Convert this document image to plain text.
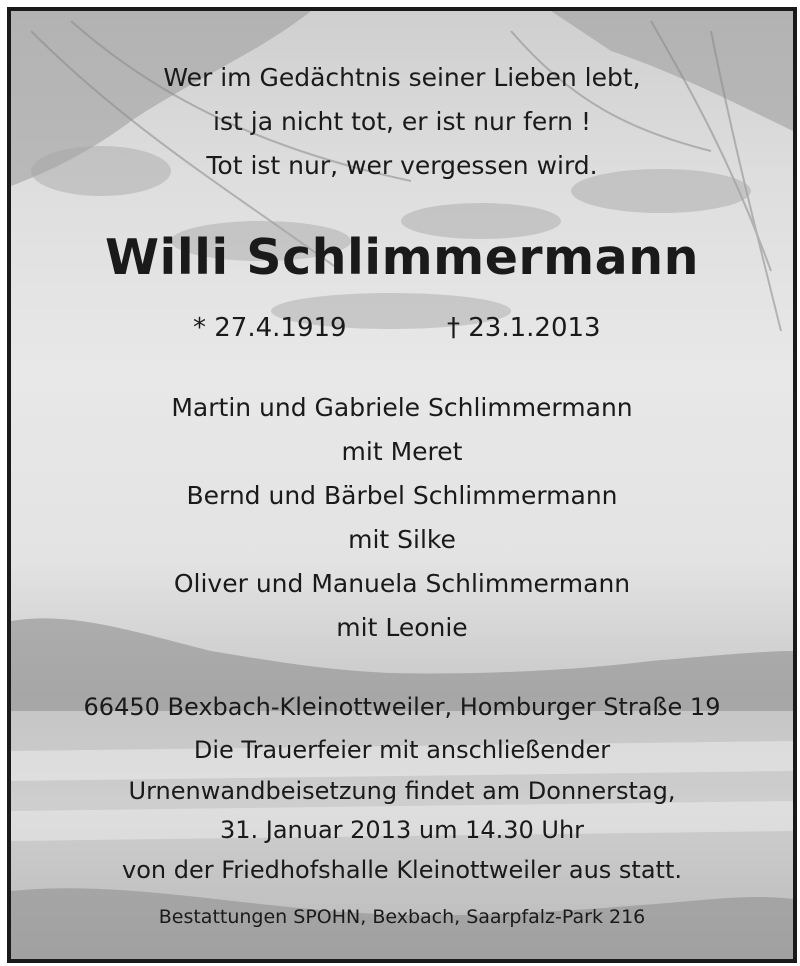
Wer im Gedächtnis seiner Lieben lebt,
ist ja nicht tot, er ist nur fern !
Tot ist nur, wer vergessen wird.
Willi Schlimmermann
* 27.4.1919	† 23.1.2013
Martin und Gabriele Schlimmermann
mit Meret
Bernd und Bärbel Schlimmermann
mit Silke
Oliver und Manuela Schlimmermann
mit Leonie
66450 Bexbach-Kleinottweiler, Homburger Straße 19
Die Trauerfeier mit anschließender
Urnenwandbeisetzung findet am Donnerstag,
31. Januar 2013 um 14.30 Uhr
von der Friedhofshalle Kleinottweiler aus statt.
Bestattungen SPOHN, Bexbach, Saarpfalz-Park 216
